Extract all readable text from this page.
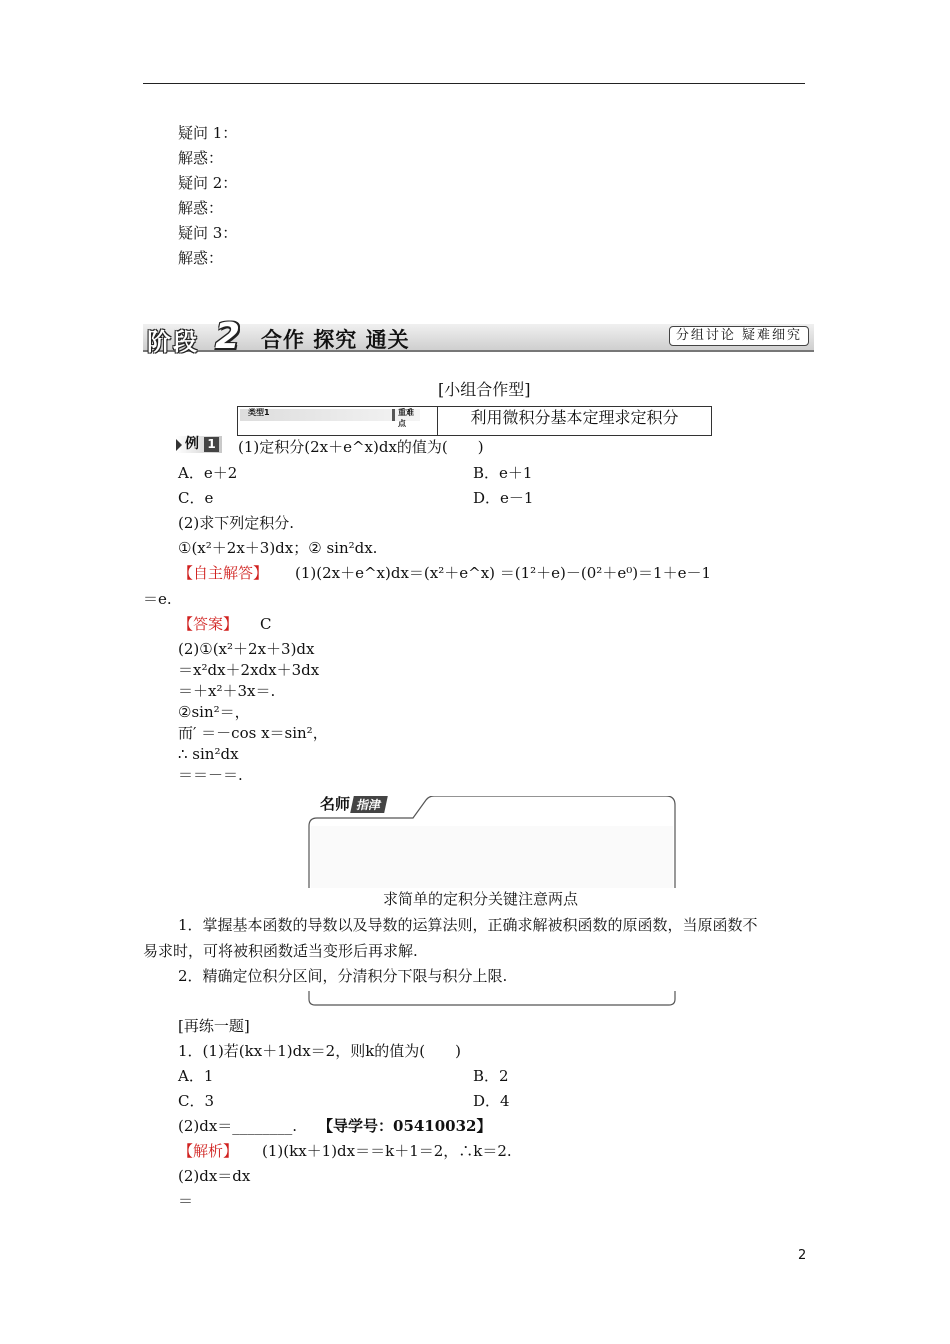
疑问 1：
解惑：
疑问 2：
解惑：
疑问 3：
解惑：
阶段 2 合作 探究 通关	分组讨论 疑难细究
[小组合作型]
类型1	重难点	利用微积分基本定理求定积分
例 1 (1)定积分(2x＋e^x)dx的值为(　　)
A．e＋2	B．e＋1
C．e	D．e－1
(2)求下列定积分.
①(x²＋2x＋3)dx；② sin²dx.
【自主解答】 (1)(2x＋e^x)dx＝(x²＋e^x) ＝(1²＋e)－(0²＋e⁰)＝1＋e－1
＝e.
【答案】 C
(2)①(x²＋2x＋3)dx
＝x²dx＋2xdx＋3dx
＝＋x²＋3x＝.
②sin²＝，
而′ ＝－cos x＝sin²，
∴ sin²dx
＝＝－＝.
名师 指津
求简单的定积分关键注意两点
1．掌握基本函数的导数以及导数的运算法则，正确求解被积函数的原函数，当原函数不
易求时，可将被积函数适当变形后再求解.
2．精确定位积分区间，分清积分下限与积分上限.
[再练一题]
1．(1)若(kx＋1)dx＝2，则k的值为(　　)
A．1	B．2
C．3	D．4
(2)dx＝________. 【导学号：05410032】
【解析】 (1)(kx＋1)dx＝＝k＋1＝2，∴k＝2.
(2)dx＝dx
＝
2
